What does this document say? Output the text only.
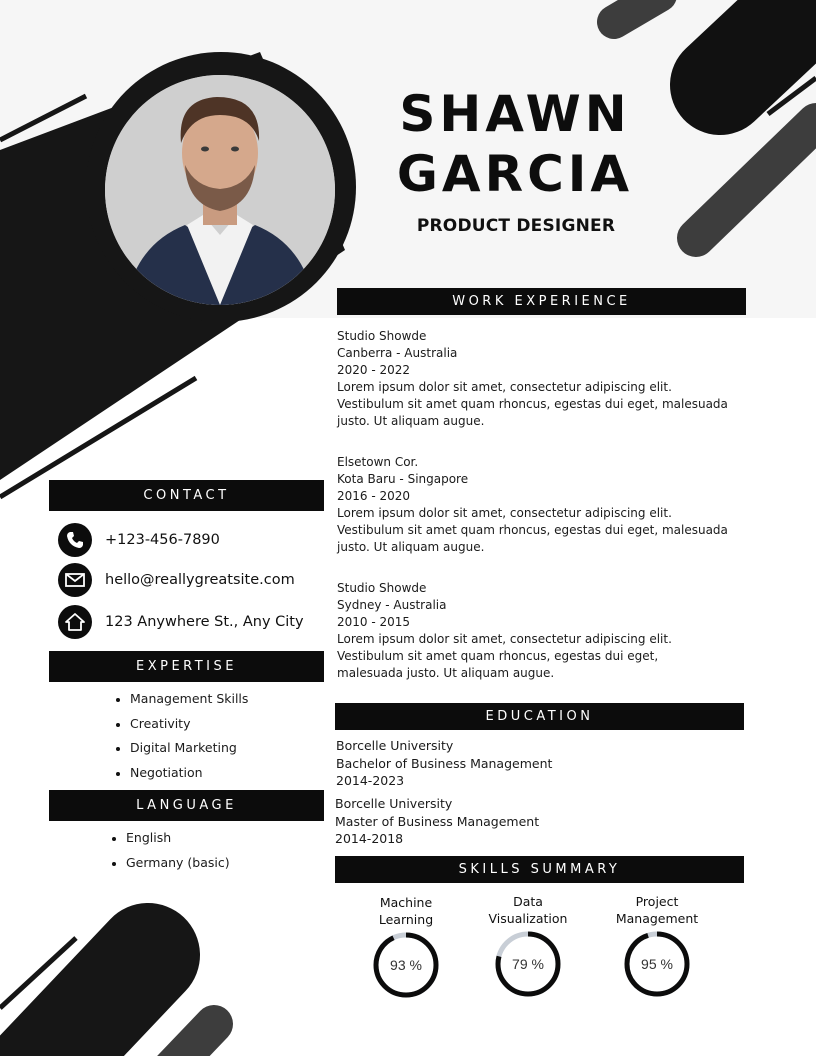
SHAWN
GARCIA
PRODUCT DESIGNER
WORK EXPERIENCE
Studio Showde
Canberra - Australia
2020 - 2022
Lorem ipsum dolor sit amet, consectetur adipiscing elit. Vestibulum sit amet quam rhoncus, egestas dui eget, malesuada justo. Ut aliquam augue.
Elsetown Cor.
Kota Baru - Singapore
2016 - 2020
Lorem ipsum dolor sit amet, consectetur adipiscing elit. Vestibulum sit amet quam rhoncus, egestas dui eget, malesuada justo. Ut aliquam augue.
Studio Showde
Sydney - Australia
2010 - 2015
Lorem ipsum dolor sit amet, consectetur adipiscing elit. Vestibulum sit amet quam rhoncus, egestas dui eget, malesuada justo. Ut aliquam augue.
CONTACT
+123-456-7890
hello@reallygreatsite.com
123 Anywhere St., Any City
EXPERTISE
Management Skills
Creativity
Digital Marketing
Negotiation
LANGUAGE
English
Germany (basic)
EDUCATION
Borcelle University
Bachelor of Business Management
2014-2023
Borcelle University
Master of Business Management
2014-2018
SKILLS SUMMARY
Machine Learning
93 %
Data Visualization
79 %
Project Management
95 %
